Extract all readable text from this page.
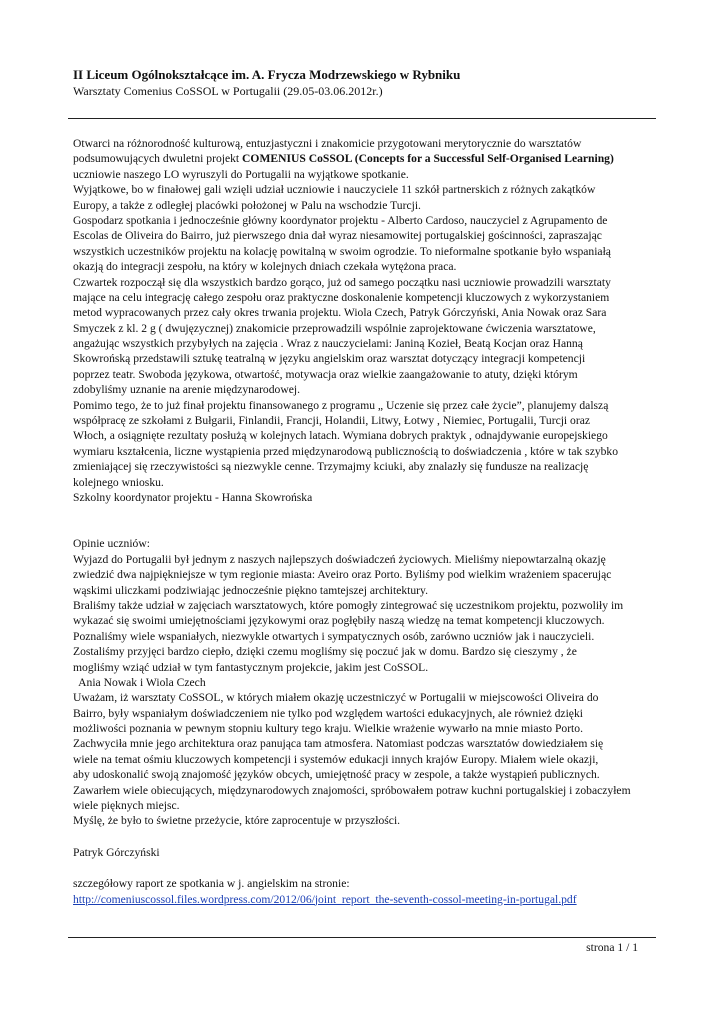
II Liceum Ogólnokształcące im. A. Frycza Modrzewskiego w Rybniku
Warsztaty Comenius CoSSOL w Portugalii (29.05-03.06.2012r.)
Otwarci na różnorodność kulturową, entuzjastyczni i znakomicie przygotowani merytorycznie do warsztatów
podsumowujących dwuletni projekt COMENIUS CoSSOL (Concepts for a Successful Self-Organised Learning)
uczniowie naszego LO wyruszyli do Portugalii na wyjątkowe spotkanie.
Wyjątkowe, bo w finałowej gali wzięli udział uczniowie i nauczyciele 11 szkół partnerskich z różnych zakątków
Europy, a także z odległej placówki położonej w Palu na wschodzie Turcji.
Gospodarz spotkania i jednocześnie główny koordynator projektu - Alberto Cardoso, nauczyciel z Agrupamento de
Escolas de Oliveira do Bairro, już pierwszego dnia dał wyraz niesamowitej portugalskiej gościnności, zapraszając
wszystkich uczestników projektu na kolację powitalną w swoim ogrodzie. To nieformalne spotkanie było wspaniałą
okazją do integracji zespołu, na który w kolejnych dniach czekała wytężona praca.
Czwartek rozpoczął się dla wszystkich bardzo gorąco, już od samego początku nasi uczniowie prowadzili warsztaty
mające na celu integrację całego zespołu oraz praktyczne doskonalenie kompetencji kluczowych z wykorzystaniem
metod wypracowanych przez cały okres trwania projektu. Wiola Czech, Patryk Górczyński, Ania Nowak oraz Sara
Smyczek z kl. 2 g ( dwujęzycznej) znakomicie przeprowadzili wspólnie zaprojektowane ćwiczenia warsztatowe,
angażując wszystkich przybyłych na zajęcia . Wraz z nauczycielami: Janiną Kozieł, Beatą Kocjan oraz Hanną
Skowrońską przedstawili sztukę teatralną w języku angielskim oraz warsztat dotyczący integracji kompetencji
poprzez teatr. Swoboda językowa, otwartość, motywacja oraz wielkie zaangażowanie to atuty, dzięki którym
zdobyliśmy uznanie na arenie międzynarodowej.
Pomimo tego, że to już finał projektu finansowanego z programu „ Uczenie się przez całe życie”, planujemy dalszą
współpracę ze szkołami z Bułgarii, Finlandii, Francji, Holandii, Litwy, Łotwy , Niemiec, Portugalii, Turcji oraz
Włoch, a osiągnięte rezultaty posłużą w kolejnych latach. Wymiana dobrych praktyk , odnajdywanie europejskiego
wymiaru kształcenia, liczne wystąpienia przed międzynarodową publicznością to doświadczenia , które w tak szybko
zmieniającej się rzeczywistości są niezwykle cenne. Trzymajmy kciuki, aby znalazły się fundusze na realizację
kolejnego wniosku.
Szkolny koordynator projektu - Hanna Skowrońska
Opinie uczniów:
Wyjazd do Portugalii był jednym z naszych najlepszych doświadczeń życiowych. Mieliśmy niepowtarzalną okazję
zwiedzić dwa najpiękniejsze w tym regionie miasta: Aveiro oraz Porto. Byliśmy pod wielkim wrażeniem spacerując
wąskimi uliczkami podziwiając jednocześnie piękno tamtejszej architektury.
Braliśmy także udział w zajęciach warsztatowych, które pomogły zintegrować się uczestnikom projektu, pozwoliły im
wykazać się swoimi umiejętnościami językowymi oraz pogłębiły naszą wiedzę na temat kompetencji kluczowych.
Poznaliśmy wiele wspaniałych, niezwykle otwartych i sympatycznych osób, zarówno uczniów jak i nauczycieli.
Zostaliśmy przyjęci bardzo ciepło, dzięki czemu mogliśmy się poczuć jak w domu. Bardzo się cieszymy , że
mogliśmy wziąć udział w tym fantastycznym projekcie, jakim jest CoSSOL.
Ania Nowak i Wiola Czech
Uważam, iż warsztaty CoSSOL, w których miałem okazję uczestniczyć w Portugalii w miejscowości Oliveira do
Bairro, były wspaniałym doświadczeniem nie tylko pod względem wartości edukacyjnych, ale również dzięki
możliwości poznania w pewnym stopniu kultury tego kraju. Wielkie wrażenie wywarło na mnie miasto Porto.
Zachwyciła mnie jego architektura oraz panująca tam atmosfera. Natomiast podczas warsztatów dowiedziałem się
wiele na temat ośmiu kluczowych kompetencji i systemów edukacji innych krajów Europy. Miałem wiele okazji,
aby udoskonalić swoją znajomość języków obcych, umiejętność pracy w zespole, a także wystąpień publicznych.
Zawarłem wiele obiecujących, międzynarodowych znajomości, spróbowałem potraw kuchni portugalskiej i zobaczyłem
wiele pięknych miejsc.
Myślę, że było to świetne przeżycie, które zaprocentuje w przyszłości.
Patryk Górczyński
szczegółowy raport ze spotkania w j. angielskim na stronie:
http://comeniuscossol.files.wordpress.com/2012/06/joint_report_the-seventh-cossol-meeting-in-portugal.pdf
strona 1 / 1
